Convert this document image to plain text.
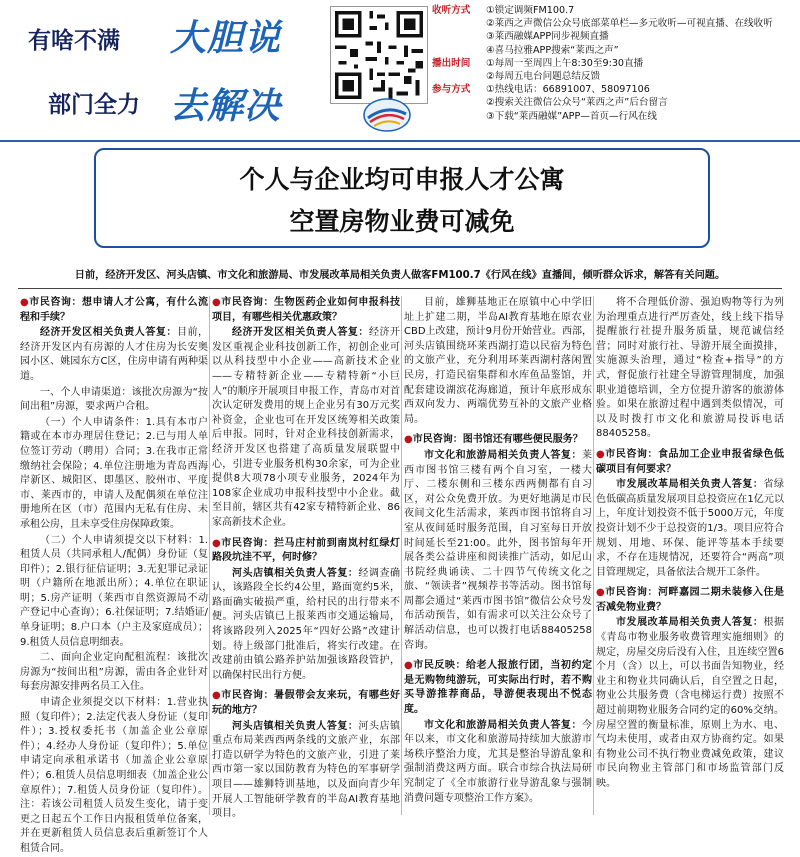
有啥不满 大胆说
部门全力 去解决
收听方式 ①锁定调频FM100.7
②莱西之声微信公众号底部菜单栏—多元收听—可视直播、在线收听
③莱西融媒APP同步视频直播
④喜马拉雅APP搜索“莱西之声”
播出时间 ①每周一至周四上午8:30至9:30直播
②每周五电台问题总结反馈
参与方式 ①热线电话：66891007、58097106
②搜索关注微信公众号“莱西之声”后台留言
③下载“莱西融媒”APP—首页—行风在线
个人与企业均可申报人才公寓
空置房物业费可减免
日前，经济开发区、河头店镇、市文化和旅游局、市发展改革局相关负责人做客FM100.7《行风在线》直播间，倾听群众诉求，解答有关问题。

●市民咨询：想申请人才公寓，有什么流程和手续？

经济开发区相关负责人答复：目前，经济开发区内有房源的人才住房为长安奥园小区、姚园东方C区，住房申请有两种渠道。

一、个人申请渠道：该批次房源为“按间出租”房源，要求两户合租。

（一）个人申请条件：1.具有本市户籍或在本市办理居住登记；2.已与用人单位签订劳动（聘用）合同；3.在我市正常缴纳社会保险；4.单位注册地为青岛西海岸新区、城阳区、即墨区、胶州市、平度市、莱西市的，申请人及配偶须在单位注册地所在区（市）范围内无私有住房、未承租公房，且未享受住房保障政策。

（二）个人申请须提交以下材料：1.租赁人员（共同承租人/配偶）身份证（复印件）；2.银行征信证明；3.无犯罪记录证明（户籍所在地派出所）；4.单位在职证明；5.房产证明（莱西市自然资源局不动产登记中心查询）；6.社保证明；7.结婚证/单身证明；8.户口本（户主及家庭成员）；9.租赁人员信息明细表。

二、面向企业定向配租流程：该批次房源为“按间出租”房源，需由各企业针对每套房源安排两名员工入住。

申请企业须提交以下材料：1.营业执照（复印件）；2.法定代表人身份证（复印件）；3.授权委托书（加盖企业公章原件）；4.经办人身份证（复印件）；5.单位申请定向承租承诺书（加盖企业公章原件）；6.租赁人员信息明细表（加盖企业公章原件）；7.租赁人员身份证（复印件）。注：若该公司租赁人员发生变化，请于变更之日起五个工作日内报租赁单位备案，并在更新租赁人员信息表后重新签订个人租赁合同。

●市民咨询：生物医药企业如何申报科技项目，有哪些相关优惠政策？

经济开发区相关负责人答复：经济开发区重视企业科技创新工作，初创企业可以从科技型中小企业——高新技术企业——专精特新企业——专精特新“小巨人”的顺序开展项目申报工作，青岛市对首次认定研发费用的规上企业另有30万元奖补资金，企业也可在开发区统筹相关政策后申报。同时，针对企业科技创新需求，经济开发区也搭建了高质量发展联盟中心，引进专业服务机构30余家，可为企业提供8大项78小项专业服务，2024年为108家企业成功申报科技型中小企业。截至目前，辖区共有42家专精特新企业、86家高新技术企业。

●市民咨询：拦马庄村前到南岚村红绿灯路段坑洼不平，何时修？

河头店镇相关负责人答复：经调查确认，该路段全长约4公里，路面宽约5米，路面确实破损严重，给村民的出行带来不便。河头店镇已上报莱西市交通运输局，将该路段列入2025年“四好公路”改建计划。待上级部门批准后，将实行改建。在改建前由镇公路养护站加强该路段管护，以确保村民出行方便。

●市民咨询：暑假带会友来玩，有哪些好玩的地方？

河头店镇相关负责人答复：河头店镇重点布局莱西西两条线的文旅产业，东部打造以研学为特色的文旅产业，引进了莱西市第一家以国防教育为特色的军事研学项目——雄狮特训基地，以及面向青少年开展人工智能研学教育的半岛AI教育基地项目。

目前，雄狮基地正在原镇中心中学旧址上扩建二期，半岛AI教育基地在原农业CBD上改建，预计9月份开始营业。西部，河头店镇围绕环莱西湖打造以民宿为特色的文旅产业，充分利用环莱西湖村落闲置民房，打造民宿集群和水库鱼品鉴馆，并配套建设湖滨花海廊道，预计年底形成东西双向发力、两端优势互补的文旅产业格局。

●市民咨询：图书馆还有哪些便民服务？

市文化和旅游局相关负责人答复：莱西市图书馆三楼有两个自习室，一楼大厅、二楼东侧和三楼东西两侧都有自习区，对公众免费开放。为更好地满足市民夜间文化生活需求，莱西市图书馆将自习室从夜间延时服务范围，自习室每日开放时间延长至21:00。此外，图书馆每年开展各类公益讲座和阅读推广活动，如尼山书院经典诵读、二十四节气传统文化之旅、“领读者”视频荐书等活动。图书馆每周都会通过“莱西市图书馆”微信公众号发布活动预告，如有需求可以关注公众号了解活动信息，也可以拨打电话88405258咨询。

●市民反映：给老人报旅行团，当初约定是无购物纯游玩，可实际出行时，若不购买导游推荐商品，导游便表现出不悦态度。

市文化和旅游局相关负责人答复：今年以来，市文化和旅游局持续加大旅游市场秩序整治力度，尤其是整治导游乱象和强制消费这两方面。联合市综合执法局研究制定了《全市旅游行业导游乱象与强制消费问题专项整治工作方案》。

将不合理低价游、强迫购物等行为列为治理重点进行严厉查处，线上线下指导提醒旅行社提升服务质量，规范诚信经营；同时对旅行社、导游开展全面摸排，实施源头治理，通过“检查+指导”的方式，督促旅行社建全导游管理制度，加强职业道德培训，全方位提升游客的旅游体验。如果在旅游过程中遇到类似情况，可以及时拨打市文化和旅游局投诉电话88405258。

●市民咨询：食品加工企业申报省绿色低碳项目有何要求？

市发展改革局相关负责人答复：省绿色低碳高质量发展项目总投资应在1亿元以上，年度计划投资不低于5000万元，年度投资计划不少于总投资的1/3。项目应符合规划、用地、环保、能评等基本手续要求，不存在违规情况，还要符合“两高”项目管理规定，具备依法合规开工条件。

●市民咨询：河畔嘉园二期未装修入住是否减免物业费？

市发展改革局相关负责人答复：根据《青岛市物业服务收费管理实施细则》的规定，房屋交房后没有入住，且连续空置6个月（含）以上，可以书面告知物业，经业主和物业共同确认后，自空置之日起，物业公共服务费（含电梯运行费）按照不超过前期物业服务合同约定的60%交纳。房屋空置的衡量标准，原则上为水、电、气均未使用，或者由双方协商约定。如果有物业公司不执行物业费减免政策，建议市民向物业主管部门和市场监管部门反映。
